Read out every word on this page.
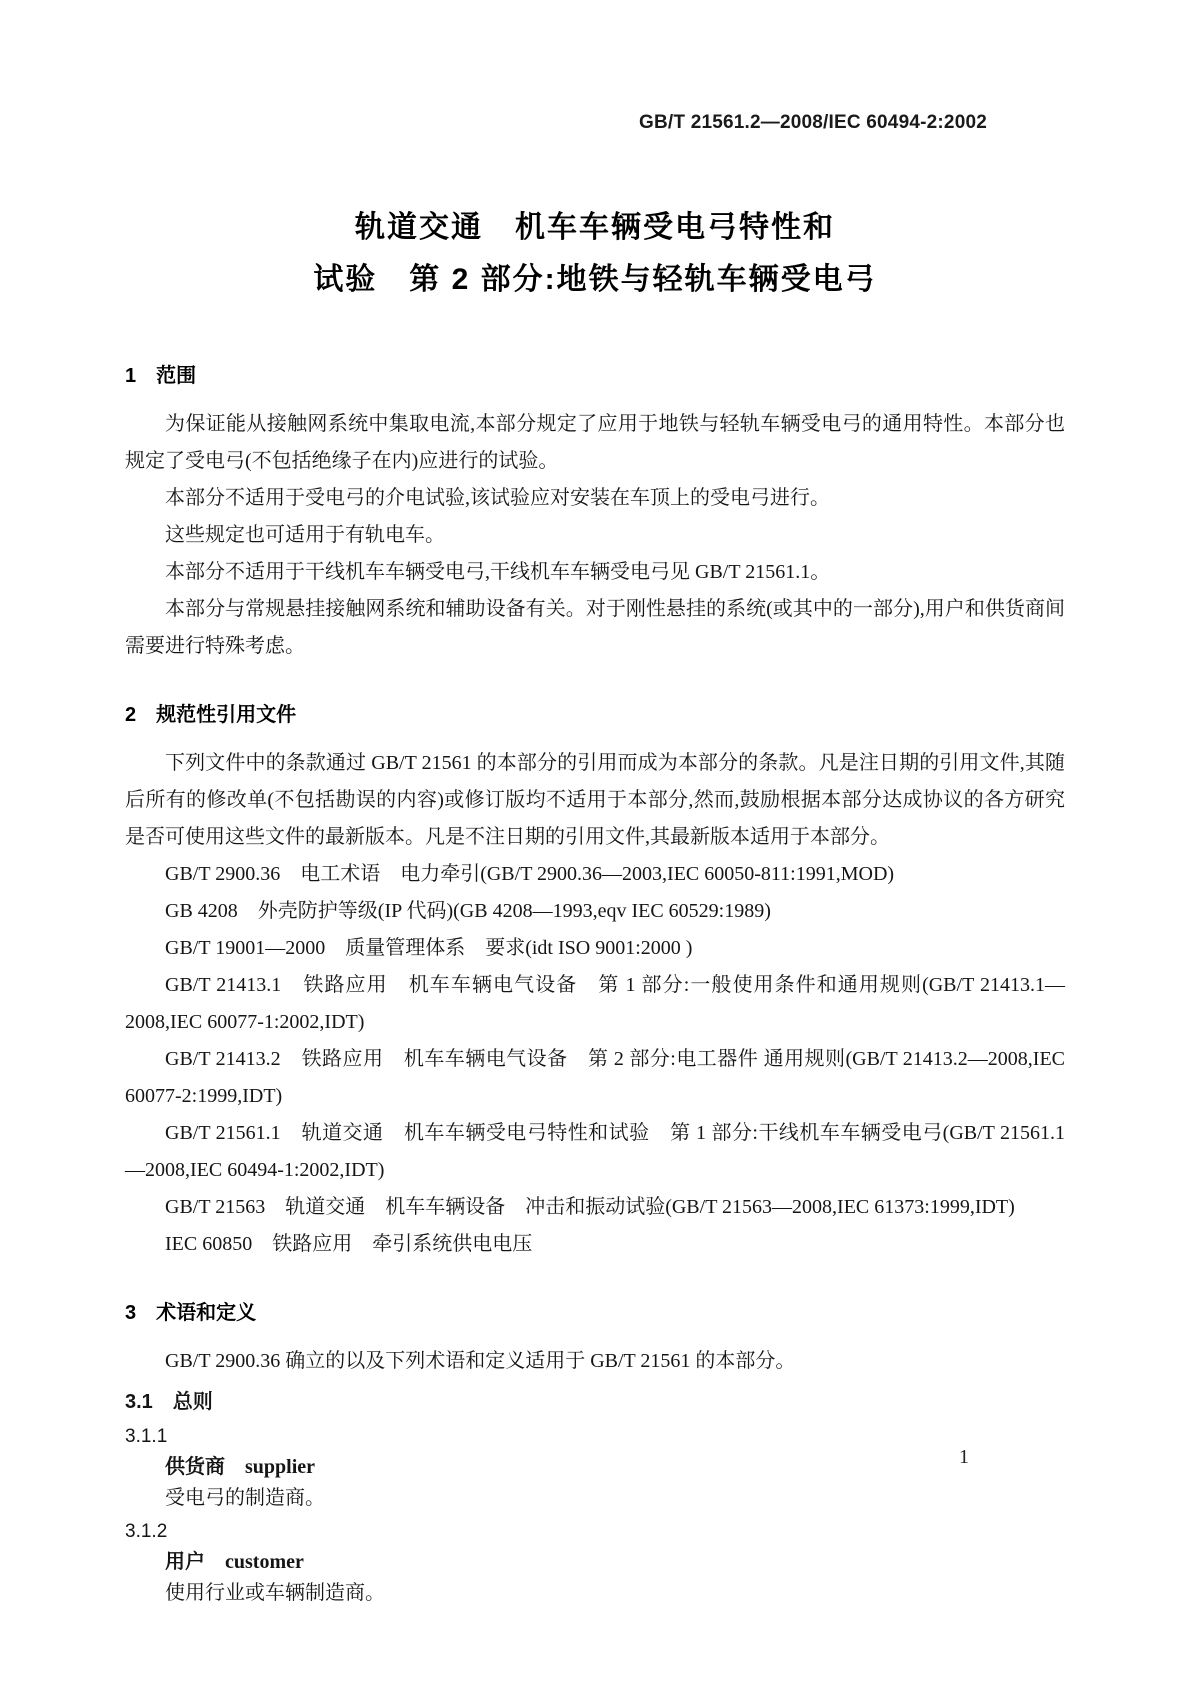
GB/T 21561.2—2008/IEC 60494-2:2002
轨道交通　机车车辆受电弓特性和
试验　第 2 部分:地铁与轻轨车辆受电弓
1　范围

为保证能从接触网系统中集取电流,本部分规定了应用于地铁与轻轨车辆受电弓的通用特性。本部分也规定了受电弓(不包括绝缘子在内)应进行的试验。

本部分不适用于受电弓的介电试验,该试验应对安装在车顶上的受电弓进行。

这些规定也可适用于有轨电车。

本部分不适用于干线机车车辆受电弓,干线机车车辆受电弓见 GB/T 21561.1。

本部分与常规悬挂接触网系统和辅助设备有关。对于刚性悬挂的系统(或其中的一部分),用户和供货商间需要进行特殊考虑。

2　规范性引用文件

下列文件中的条款通过 GB/T 21561 的本部分的引用而成为本部分的条款。凡是注日期的引用文件,其随后所有的修改单(不包括勘误的内容)或修订版均不适用于本部分,然而,鼓励根据本部分达成协议的各方研究是否可使用这些文件的最新版本。凡是不注日期的引用文件,其最新版本适用于本部分。

GB/T 2900.36　电工术语　电力牵引(GB/T 2900.36—2003,IEC 60050-811:1991,MOD)

GB 4208　外壳防护等级(IP 代码)(GB 4208—1993,eqv IEC 60529:1989)

GB/T 19001—2000　质量管理体系　要求(idt ISO 9001:2000 )

GB/T 21413.1　铁路应用　机车车辆电气设备　第 1 部分:一般使用条件和通用规则(GB/T 21413.1—2008,IEC 60077-1:2002,IDT)

GB/T 21413.2　铁路应用　机车车辆电气设备　第 2 部分:电工器件 通用规则(GB/T 21413.2—2008,IEC 60077-2:1999,IDT)

GB/T 21561.1　轨道交通　机车车辆受电弓特性和试验　第 1 部分:干线机车车辆受电弓(GB/T 21561.1—2008,IEC 60494-1:2002,IDT)

GB/T 21563　轨道交通　机车车辆设备　冲击和振动试验(GB/T 21563—2008,IEC 61373:1999,IDT)

IEC 60850　铁路应用　牵引系统供电电压

3　术语和定义

GB/T 2900.36 确立的以及下列术语和定义适用于 GB/T 21561 的本部分。

3.1　总则
3.1.1
供货商　supplier
受电弓的制造商。
3.1.2
用户　customer
使用行业或车辆制造商。
1
